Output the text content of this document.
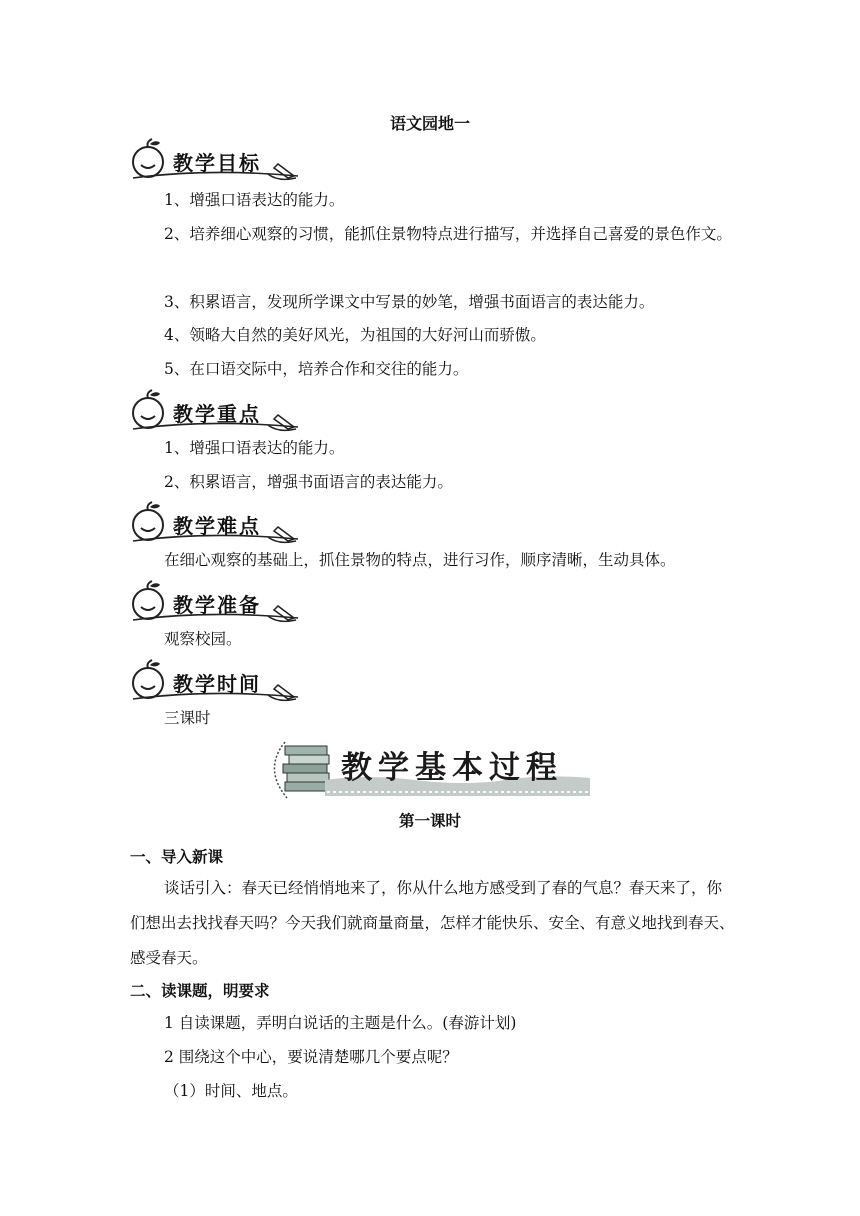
语文园地一
教学目标
1、增强口语表达的能力。
2、培养细心观察的习惯，能抓住景物特点进行描写，并选择自己喜爱的景色作文。
3、积累语言，发现所学课文中写景的妙笔，增强书面语言的表达能力。
4、领略大自然的美好风光，为祖国的大好河山而骄傲。
5、在口语交际中，培养合作和交往的能力。
教学重点
1、增强口语表达的能力。
2、积累语言，增强书面语言的表达能力。
教学难点
在细心观察的基础上，抓住景物的特点，进行习作，顺序清晰，生动具体。
教学准备
观察校园。
教学时间
三课时
教学基本过程
第一课时
一、导入新课
谈话引入：春天已经悄悄地来了，你从什么地方感受到了春的气息？春天来了，你们想出去找找春天吗？今天我们就商量商量，怎样才能快乐、安全、有意义地找到春天、感受春天。
二、读课题，明要求
1 自读课题，弄明白说话的主题是什么。(春游计划)
2 围绕这个中心，要说清楚哪几个要点呢？
（1）时间、地点。
